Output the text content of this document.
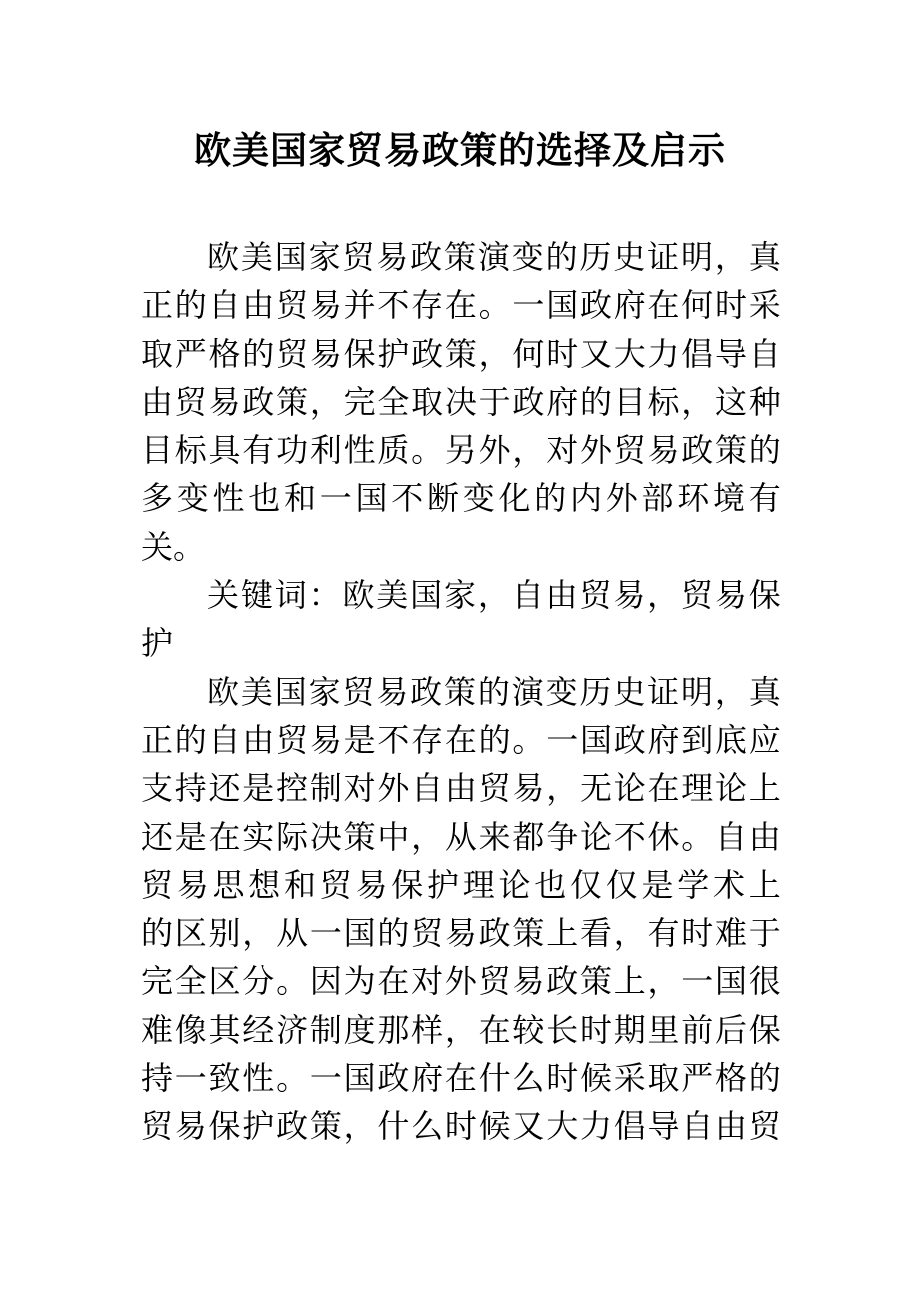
欧美国家贸易政策的选择及启示
欧 美 国 家 贸 易 政 策 演 变 的 历 史 证 明 ， 真
正 的 自 由 贸 易 并 不 存 在 。 一 国 政 府 在 何 时 采
取 严 格 的 贸 易 保 护 政 策 ， 何 时 又 大 力 倡 导 自
由 贸 易 政 策 ， 完 全 取 决 于 政 府 的 目 标 ， 这 种
目 标 具 有 功 利 性 质 。 另 外 ， 对 外 贸 易 政 策 的
多 变 性 也 和 一 国 不 断 变 化 的 内 外 部 环 境 有
关。
关 键 词 ： 欧 美 国 家 ， 自 由 贸 易 ， 贸 易 保
护
欧 美 国 家 贸 易 政 策 的 演 变 历 史 证 明 ， 真
正 的 自 由 贸 易 是 不 存 在 的 。 一 国 政 府 到 底 应
支 持 还 是 控 制 对 外 自 由 贸 易 ， 无 论 在 理 论 上
还 是 在 实 际 决 策 中 ， 从 来 都 争 论 不 休 。 自 由
贸 易 思 想 和 贸 易 保 护 理 论 也 仅 仅 是 学 术 上
的 区 别 ， 从 一 国 的 贸 易 政 策 上 看 ， 有 时 难 于
完 全 区 分 。 因 为 在 对 外 贸 易 政 策 上 ， 一 国 很
难 像 其 经 济 制 度 那 样 ， 在 较 长 时 期 里 前 后 保
持 一 致 性 。 一 国 政 府 在 什 么 时 候 采 取 严 格 的
贸 易 保 护 政 策 ， 什 么 时 候 又 大 力 倡 导 自 由 贸
